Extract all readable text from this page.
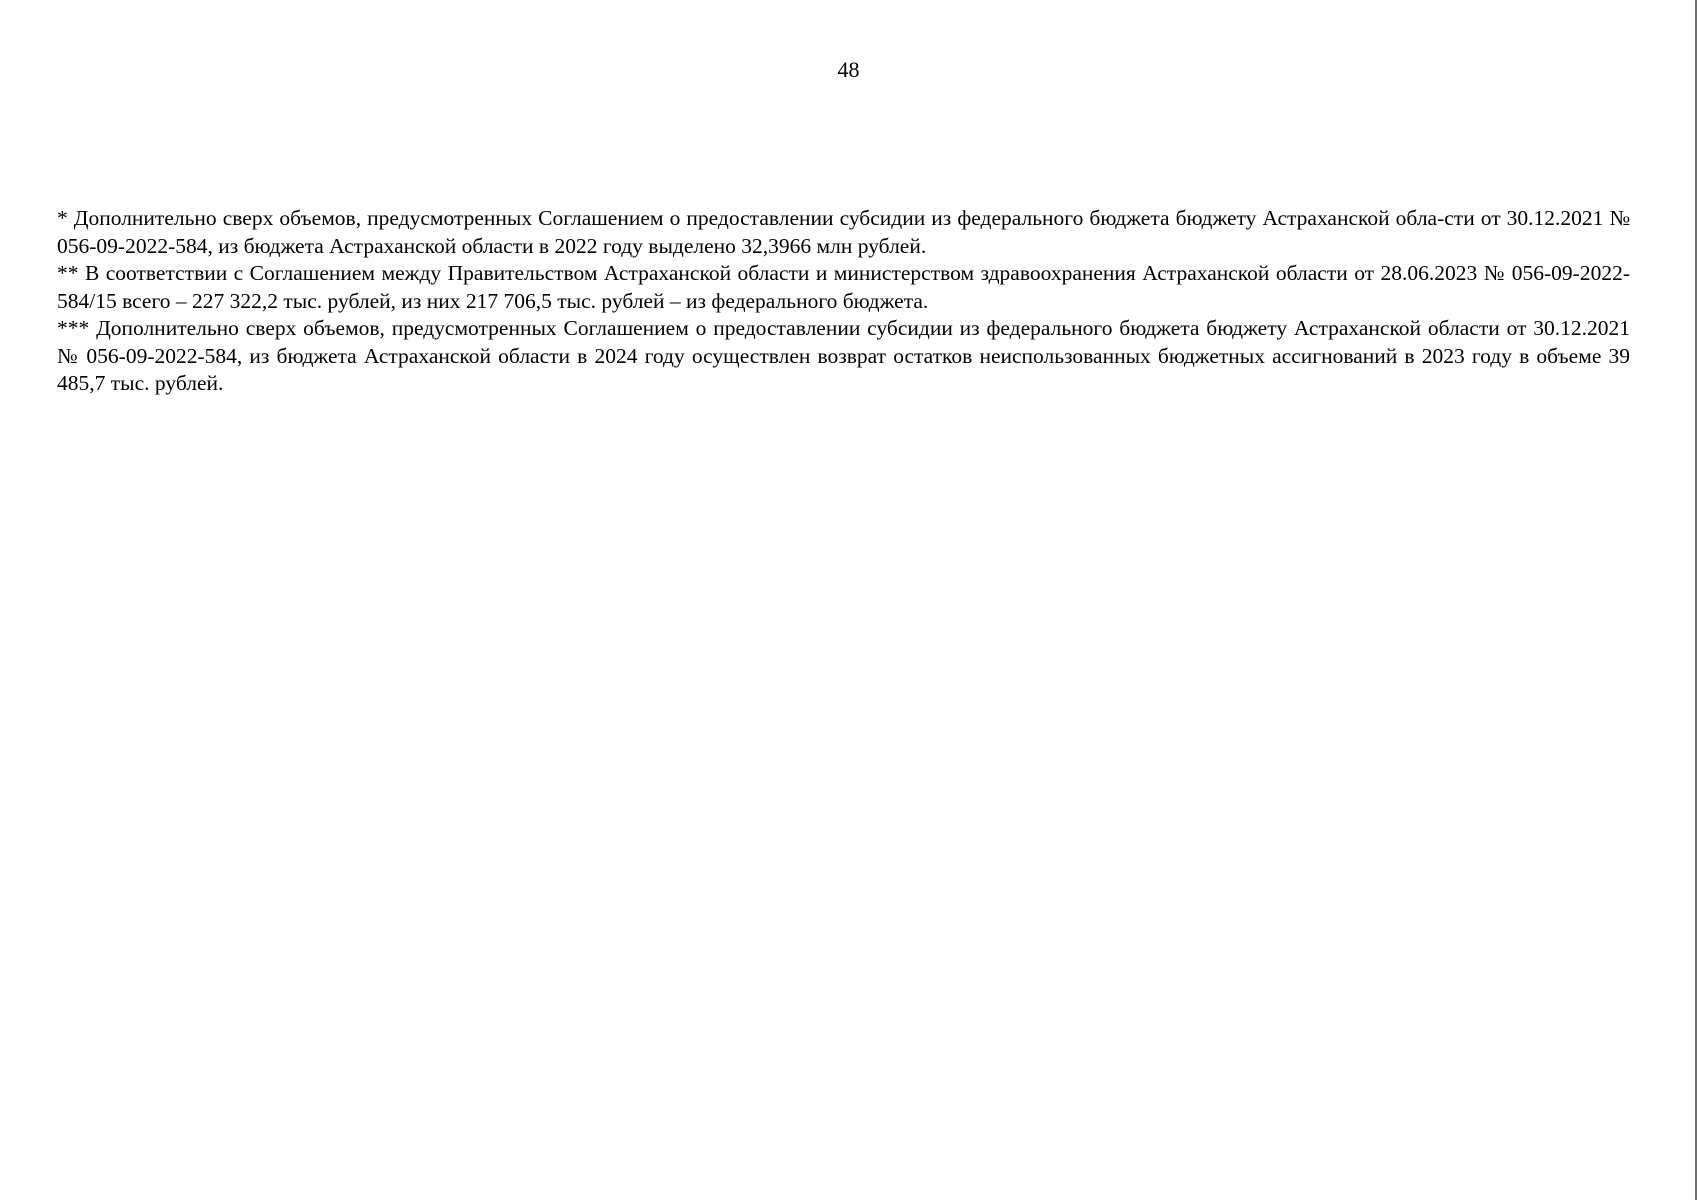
48

* Дополнительно сверх объемов, предусмотренных Соглашением о предоставлении субсидии из федерального бюджета бюджету Астраханской обла-сти от 30.12.2021 № 056-09-2022-584, из бюджета Астраханской области в 2022 году выделено 32,3966 млн рублей.

** В соответствии с Соглашением между Правительством Астраханской области и министерством здравоохранения Астраханской области от 28.06.2023 № 056-09-2022-584/15 всего – 227 322,2 тыс. рублей, из них 217 706,5 тыс. рублей – из федерального бюджета.

*** Дополнительно сверх объемов, предусмотренных Соглашением о предоставлении субсидии из федерального бюджета бюджету Астраханской области от 30.12.2021 № 056-09-2022-584, из бюджета Астраханской области в 2024 году осуществлен возврат остатков неиспользованных бюджетных ассигнований в 2023 году в объеме 39 485,7 тыс. рублей.
